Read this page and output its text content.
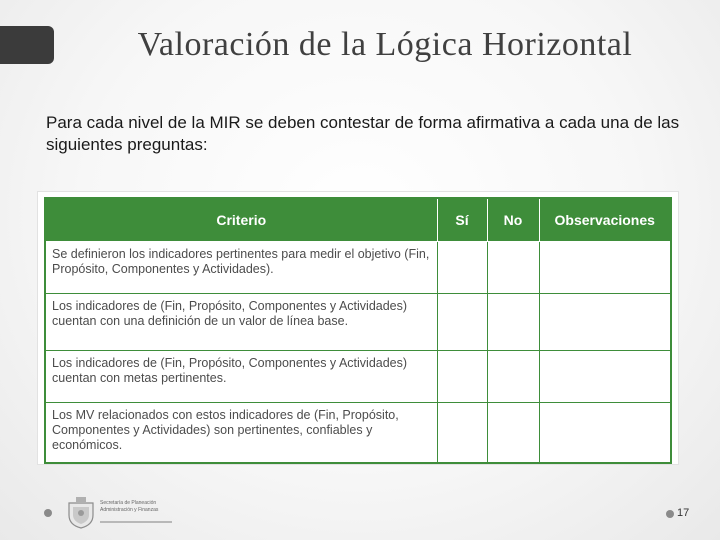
Valoración de la Lógica Horizontal
Para cada nivel de la MIR se deben contestar de forma afirmativa a cada una de las siguientes preguntas:
Criterio	Sí	No	Observaciones
Se definieron los indicadores pertinentes para medir el objetivo (Fin, Propósito, Componentes y Actividades).			
Los indicadores de (Fin, Propósito, Componentes y Actividades) cuentan con una definición de un valor de línea base.			
Los indicadores de (Fin, Propósito, Componentes y Actividades) cuentan con metas pertinentes.			
Los MV relacionados con estos indicadores de (Fin, Propósito, Componentes y Actividades) son pertinentes, confiables y económicos.			
Secretaría de Planeación
Administración y Finanzas	17
